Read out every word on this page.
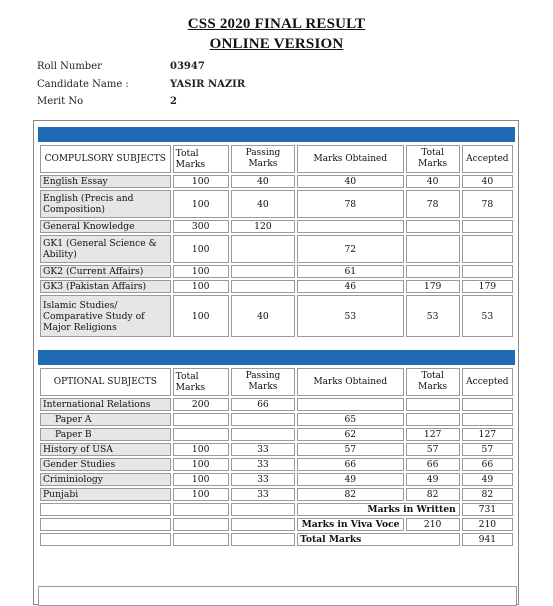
CSS 2020 FINAL RESULT
ONLINE VERSION
Roll Number	03947
Candidate Name :	YASIR NAZIR
Merit No	2
COMPULSORY SUBJECTS	Total Marks	Passing Marks	Marks Obtained	Total Marks	Accepted
English Essay	100	40	40	40	40
English (Precis and Composition)	100	40	78	78	78
General Knowledge	300	120			
GK1 (General Science & Ability)	100		72		
GK2 (Current Affairs)	100		61		
GK3 (Pakistan Affairs)	100		46	179	179
Islamic Studies/ Comparative Study of Major Religions	100	40	53	53	53
OPTIONAL SUBJECTS	Total Marks	Passing Marks	Marks Obtained	Total Marks	Accepted
International Relations	200	66			
Paper A			65		
Paper B			62	127	127
History of USA	100	33	57	57	57
Gender Studies	100	33	66	66	66
Criminiology	100	33	49	49	49
Punjabi	100	33	82	82	82
			Marks in Written		731
			Marks in Viva Voce	210	210
			Total Marks		941
